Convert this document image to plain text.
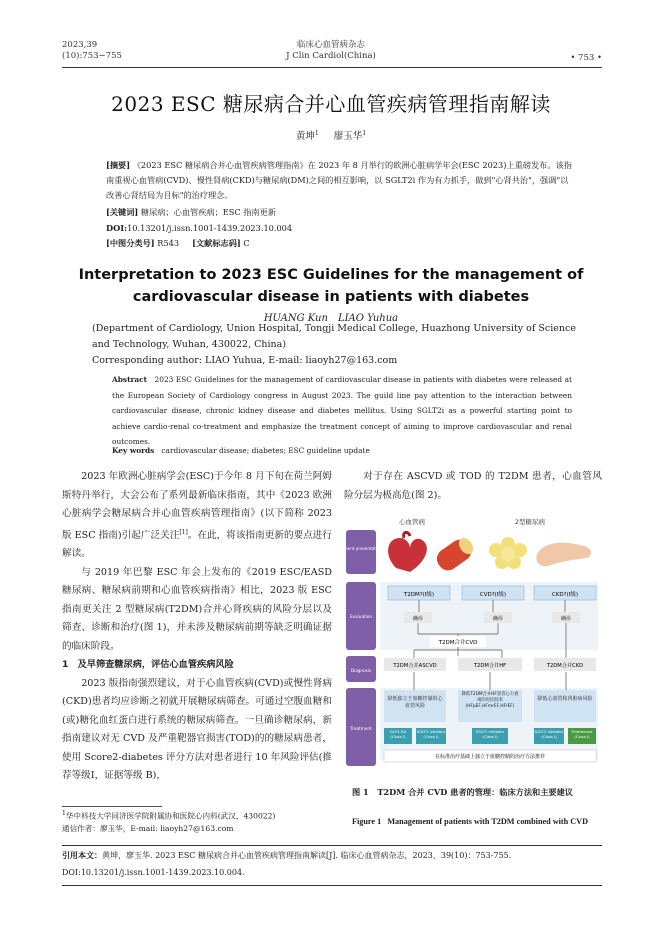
2023,39
(10):753−755
临床心血管病杂志
J Clin Cardiol(China)	• 753 •
2023 ESC 糖尿病合并心血管疾病管理指南解读
黄坤$^1$ 廖玉华$^1$
[摘要] 《2023 ESC 糖尿病合并心血管疾病管理指南》在 2023 年 8 月举行的欧洲心脏病学年会(ESC 2023)上重磅发布。该指南重视心血管病(CVD)、慢性肾病(CKD)与糖尿病(DM)之间的相互影响，以 SGLT2i 作为有力抓手，做到"心肾共治"，强调"以改善心肾结局为目标"的治疗理念。
[关键词] 糖尿病；心血管疾病；ESC 指南更新
DOI:10.13201/j.issn.1001-1439.2023.10.004
[中图分类号] R543 [文献标志码] C
Interpretation to 2023 ESC Guidelines for the management of cardiovascular disease in patients with diabetes
HUANG Kun　LIAO Yuhua
(Department of Cardiology, Union Hospital, Tongji Medical College, Huazhong University of Science and Technology, Wuhan, 430022, China)
Corresponding author: LIAO Yuhua, E-mail: liaoyh27@163.com
Abstract 2023 ESC Guidelines for the management of cardiovascular disease in patients with diabetes were released at the European Society of Cardiology congress in August 2023. The guild line pay attention to the interaction between cardiovascular disease, chronic kidney disease and diabetes mellitus. Using SGLT2i as a powerful starting point to achieve cardio-renal co-treatment and emphasize the treatment concept of aiming to improve cardiovascular and renal outcomes.
Key words cardiovascular disease; diabetes; ESC guideline update

2023 年欧洲心脏病学会(ESC)于今年 8 月下旬在荷兰阿姆斯特丹举行，大会公布了系列最新临床指南，其中《2023 欧洲心脏病学会糖尿病合并心血管疾病管理指南》(以下简称 2023 版 ESC 指南)引起广泛关注[1]。在此，将该指南更新的要点进行解读。

与 2019 年巴黎 ESC 年会上发布的《2019 ESC/EASD 糖尿病、糖尿病前期和心血管疾病指南》相比，2023 版 ESC 指南更关注 2 型糖尿病(T2DM)合并心肾疾病的风险分层以及筛查、诊断和治疗(图 1)，并未涉及糖尿病前期等缺乏明确证据的临床阶段。

1　及早筛查糖尿病，评估心血管疾病风险

2023 版指南强烈建议，对于心血管疾病(CVD)或慢性肾病(CKD)患者均应诊断之初就开展糖尿病筛查。可通过空腹血糖和(或)糖化血红蛋白进行系统的糖尿病筛查。一旦确诊糖尿病，新指南建议对无 CVD 及严重靶器官损害(TOD)的的糖尿病患者，使用 Score2-diabetes 评分方法对患者进行 10 年风险评估(推荐等级Ⅰ，证据等级 B)，

对于存在 ASCVD 或 TOD 的 T2DM 患者，心血管风险分层为极高危(图 2)。

$^1$华中科技大学同济医学院附属协和医院心内科(武汉，430022)
通信作者：廖玉华，E-mail: liaoyh27@163.com
心血管病	2型糖尿病
Patient presentation
Evaluation
Diagnosis
Treatment
T2DM?(Ⅰ级)	CVD?(Ⅰ级)	CKD?(Ⅰ级)
确诊	确诊	确诊
T2DM合并CVD
T2DM合并ASCVD	T2DM合并HF	T2DM合并CKD
降低独立于血糖控制的心血管风险
降低T2DM合并HF患者心力衰竭的再住院率(HFpEF,HFmrEF,HFrEF)
降低心血管和肾脏病风险
GLP1-RA (Class Ⅰ)
SGLT2 inhibitor (Class Ⅰ)
SGLT2 inhibitor (Class Ⅰ)
SGLT2 inhibitor (Class Ⅰ)
Finerenone (Class Ⅰ)
在标准治疗基础上独立于血糖控制的治疗方法推荐
图 1 T2DM 合并 CVD 患者的管理：临床方法和主要建议
Figure 1 Management of patients with T2DM combined with CVD
引用本文：黄坤，廖玉华. 2023 ESC 糖尿病合并心血管疾病管理指南解读[J]. 临床心血管病杂志，2023，39(10)：753-755. DOI:10.13201/j.issn.1001-1439.2023.10.004.
